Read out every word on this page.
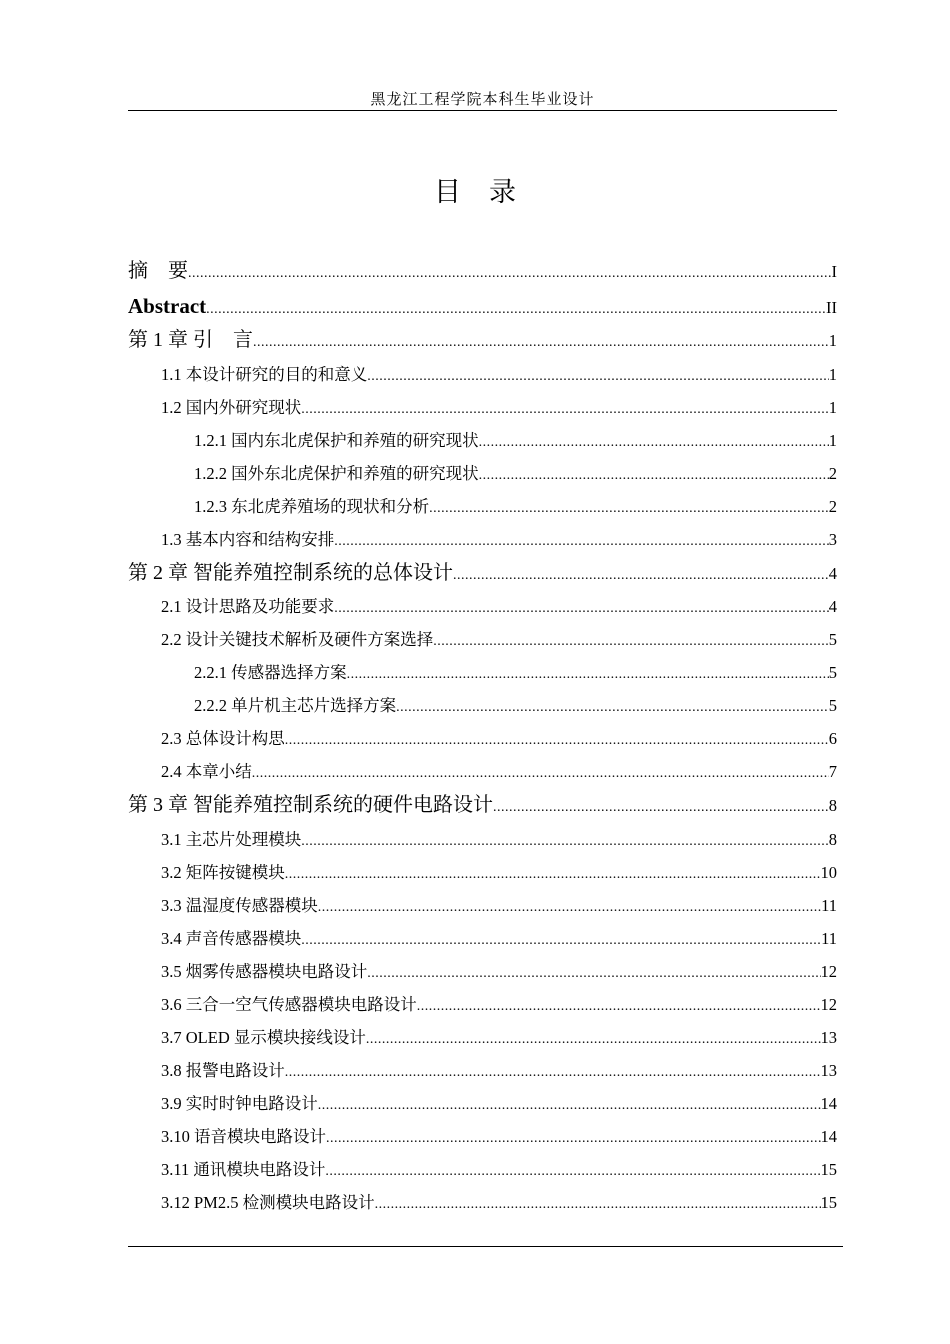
黑龙江工程学院本科生毕业设计
目录
摘　要 .....	I
Abstract .....	II
第 1 章 引　言 .....	1
1.1 本设计研究的目的和意义 .....	1
1.2 国内外研究现状 .....	1
1.2.1 国内东北虎保护和养殖的研究现状 .....	1
1.2.2 国外东北虎保护和养殖的研究现状 .....	2
1.2.3 东北虎养殖场的现状和分析 .....	2
1.3 基本内容和结构安排 .....	3
第 2 章 智能养殖控制系统的总体设计 .....	4
2.1 设计思路及功能要求 .....	4
2.2 设计关键技术解析及硬件方案选择 .....	5
2.2.1 传感器选择方案 .....	5
2.2.2 单片机主芯片选择方案 .....	5
2.3 总体设计构思 .....	6
2.4 本章小结 .....	7
第 3 章 智能养殖控制系统的硬件电路设计 .....	8
3.1 主芯片处理模块 .....	8
3.2 矩阵按键模块 .....	10
3.3 温湿度传感器模块 .....	11
3.4 声音传感器模块 .....	11
3.5 烟雾传感器模块电路设计 .....	12
3.6 三合一空气传感器模块电路设计 .....	12
3.7 OLED 显示模块接线设计 .....	13
3.8 报警电路设计 .....	13
3.9 实时时钟电路设计 .....	14
3.10 语音模块电路设计 .....	14
3.11 通讯模块电路设计 .....	15
3.12 PM2.5 检测模块电路设计 .....	15
